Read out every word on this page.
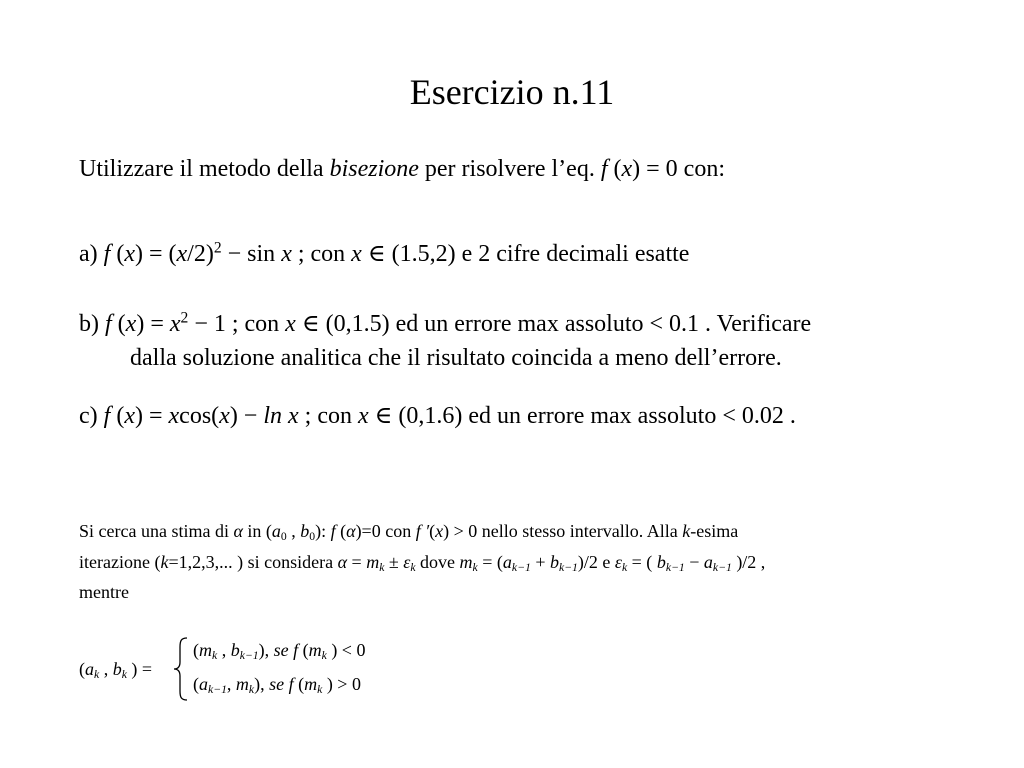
Esercizio n.11
Utilizzare il metodo della bisezione per risolvere l’eq. f (x) = 0 con:
a) f $(x) = (x/2)^2 - \sin x$ ; con x ∈ (1.5,2) e 2 cifre decimali esatte
b) f $(x) = x^2 - 1$ ; con x ∈ (0,1.5) ed un errore max assoluto < 0.1 . Verificare
dalla soluzione analitica che il risultato coincida a meno dell’errore.
c) f (x) = xcos(x) − ln x ; con x ∈ (0,1.6) ed un errore max assoluto < 0.02 .
Si cerca una stima di α in ($a_0$ , $b_0$): f (α)=0 con f ′(x) > 0 nello stesso intervallo. Alla k-esima
iterazione (k=1,2,3,... ) si considera $\alpha = m_k \pm \varepsilon_k$ dove $m_k = (a_{k-1} + b_{k-1})/2$ e $\varepsilon_k$ = ( $b_{k-1} - a_{k-1}$ )/2 ,
mentre
($a_k$ , $b_k$ ) =
($m_k$ , $b_{k-1}$), se f ($m_k$ ) < 0
($a_{k-1}$, $m_k$), se f ($m_k$ ) > 0
